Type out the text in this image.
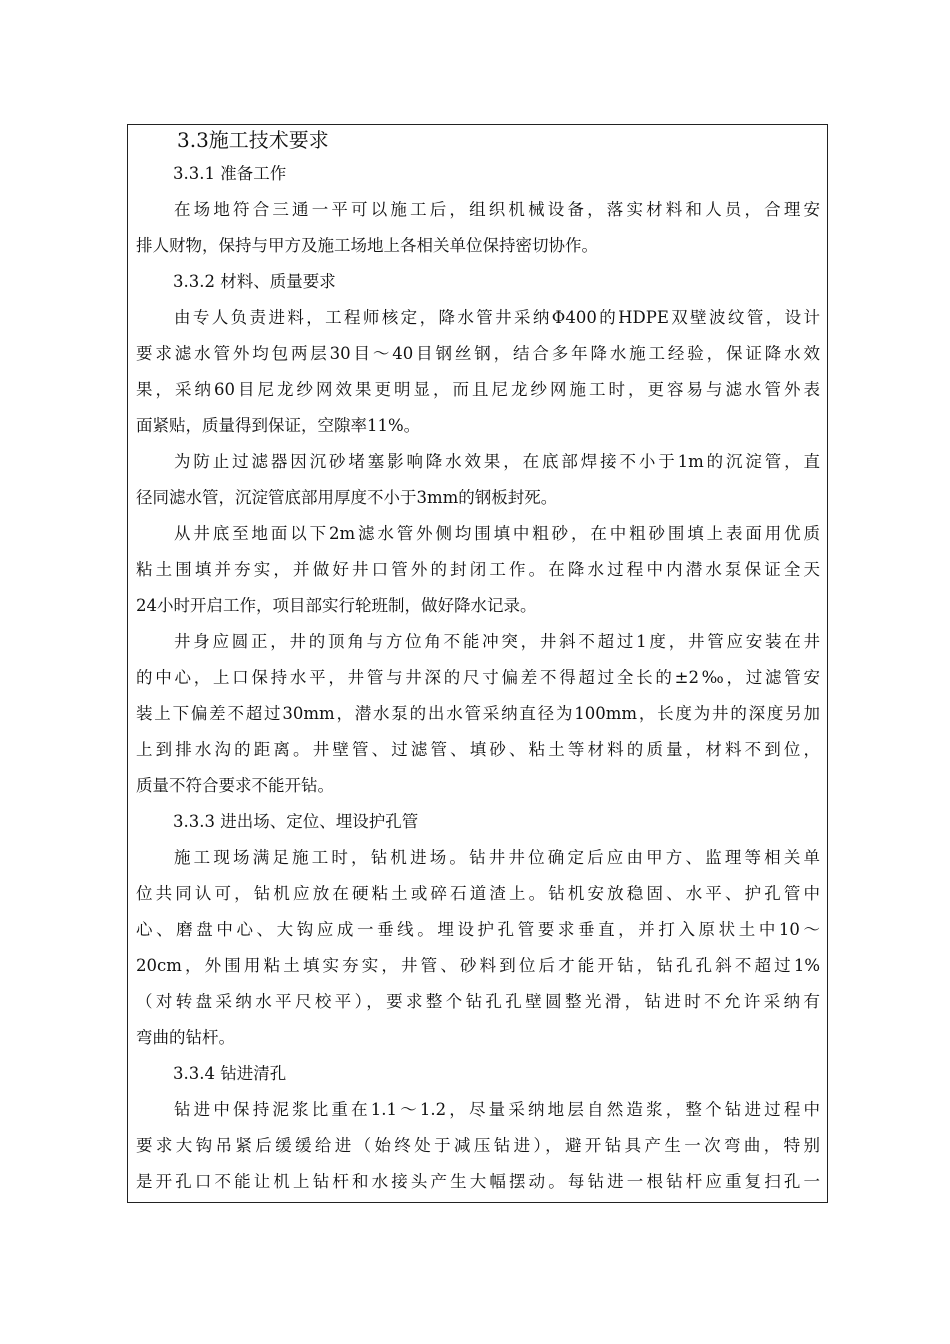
3.3施工技术要求
3.3.1 准备工作
在场地符合三通一平可以施工后，组织机械设备，落实材料和人员，合理安
排人财物，保持与甲方及施工场地上各相关单位保持密切协作。
3.3.2 材料、质量要求
由专人负责进料，工程师核定，降水管井采纳Φ400的HDPE双壁波纹管，设计
要求滤水管外均包两层30目～40目钢丝钢，结合多年降水施工经验，保证降水效
果，采纳60目尼龙纱网效果更明显，而且尼龙纱网施工时，更容易与滤水管外表
面紧贴，质量得到保证，空隙率11%。
为防止过滤器因沉砂堵塞影响降水效果，在底部焊接不小于1m的沉淀管，直
径同滤水管，沉淀管底部用厚度不小于3mm的钢板封死。
从井底至地面以下2m滤水管外侧均围填中粗砂，在中粗砂围填上表面用优质
粘土围填并夯实，并做好井口管外的封闭工作。在降水过程中内潜水泵保证全天
24小时开启工作，项目部实行轮班制，做好降水记录。
井身应圆正，井的顶角与方位角不能冲突，井斜不超过1度，井管应安装在井
的中心，上口保持水平，井管与井深的尺寸偏差不得超过全长的±2‰，过滤管安
装上下偏差不超过30mm，潜水泵的出水管采纳直径为100mm，长度为井的深度另加
上到排水沟的距离。井壁管、过滤管、填砂、粘土等材料的质量，材料不到位，
质量不符合要求不能开钻。
3.3.3 进出场、定位、埋设护孔管
施工现场满足施工时，钻机进场。钻井井位确定后应由甲方、监理等相关单
位共同认可，钻机应放在硬粘土或碎石道渣上。钻机安放稳固、水平、护孔管中
心、磨盘中心、大钩应成一垂线。埋设护孔管要求垂直，并打入原状土中10～
20cm，外围用粘土填实夯实，井管、砂料到位后才能开钻，钻孔孔斜不超过1%
（对转盘采纳水平尺校平），要求整个钻孔孔壁圆整光滑，钻进时不允许采纳有
弯曲的钻杆。
3.3.4 钻进清孔
钻进中保持泥浆比重在1.1～1.2，尽量采纳地层自然造浆，整个钻进过程中
要求大钩吊紧后缓缓给进（始终处于减压钻进），避开钻具产生一次弯曲，特别
是开孔口不能让机上钻杆和水接头产生大幅摆动。每钻进一根钻杆应重复扫孔一
